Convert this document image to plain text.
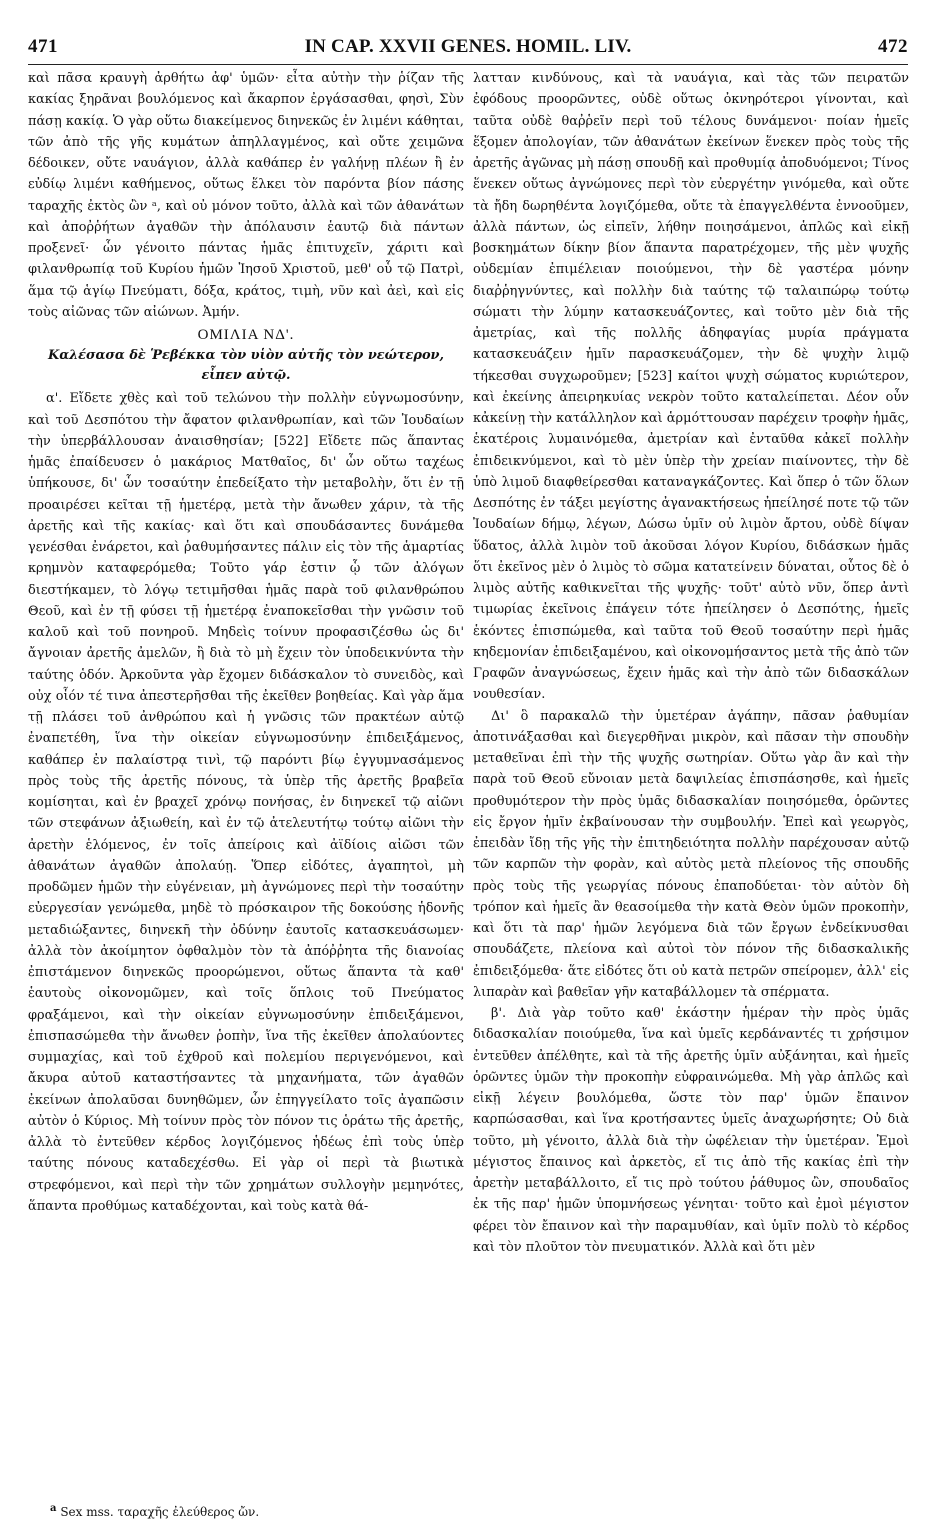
471	IN CAP. XXVII GENES. HOMIL. LIV.	472

καὶ πᾶσα κραυγὴ ἀρθήτω ἀφ' ὑμῶν· εἶτα αὐτὴν τὴν ῥίζαν τῆς κακίας ξηρᾶναι βουλόμενος καὶ ἄκαρπον ἐργάσασθαι, φησὶ, Σὺν πάσῃ κακίᾳ. Ὁ γὰρ οὕτω διακείμενος διηνεκῶς ἐν λιμένι κάθηται, τῶν ἀπὸ τῆς γῆς κυμάτων ἀπηλλαγμένος, καὶ οὔτε χειμῶνα δέδοικεν, οὔτε ναυάγιον, ἀλλὰ καθάπερ ἐν γαλήνῃ πλέων ἢ ἐν εὐδίῳ λιμένι καθήμενος, οὕτως ἕλκει τὸν παρόντα βίον πάσης ταραχῆς ἐκτὸς ὢν ᵃ, καὶ οὐ μόνον τοῦτο, ἀλλὰ καὶ τῶν ἀθανάτων καὶ ἀποῤῥήτων ἀγαθῶν τὴν ἀπόλαυσιν ἑαυτῷ διὰ πάντων προξενεῖ· ὧν γένοιτο πάντας ἡμᾶς ἐπιτυχεῖν, χάριτι καὶ φιλανθρωπίᾳ τοῦ Κυρίου ἡμῶν Ἰησοῦ Χριστοῦ, μεθ' οὗ τῷ Πατρὶ, ἅμα τῷ ἁγίῳ Πνεύματι, δόξα, κράτος, τιμὴ, νῦν καὶ ἀεὶ, καὶ εἰς τοὺς αἰῶνας τῶν αἰώνων. Ἀμήν.

ΟΜΙΛΙΑ ΝΔ'.
Καλέσασα δὲ Ῥεβέκκα τὸν υἱὸν αὐτῆς τὸν νεώτερον, εἶπεν αὐτῷ.

α'. Εἴδετε χθὲς καὶ τοῦ τελώνου τὴν πολλὴν εὐγνωμοσύνην, καὶ τοῦ Δεσπότου τὴν ἄφατον φιλανθρωπίαν, καὶ τῶν Ἰουδαίων τὴν ὑπερβάλλουσαν ἀναισθησίαν; [522] Εἴδετε πῶς ἅπαντας ἡμᾶς ἐπαίδευσεν ὁ μακάριος Ματθαῖος, δι' ὧν οὕτω ταχέως ὑπήκουσε, δι' ὧν τοσαύτην ἐπεδείξατο τὴν μεταβολὴν, ὅτι ἐν τῇ προαιρέσει κεῖται τῇ ἡμετέρᾳ, μετὰ τὴν ἄνωθεν χάριν, τὰ τῆς ἀρετῆς καὶ τῆς κακίας· καὶ ὅτι καὶ σπουδάσαντες δυνάμεθα γενέσθαι ἐνάρετοι, καὶ ῥαθυμήσαντες πάλιν εἰς τὸν τῆς ἁμαρτίας κρημνὸν καταφερόμεθα; Τοῦτο γάρ ἐστιν ᾧ τῶν ἀλόγων διεστήκαμεν, τὸ λόγῳ τετιμῆσθαι ἡμᾶς παρὰ τοῦ φιλανθρώπου Θεοῦ, καὶ ἐν τῇ φύσει τῇ ἡμετέρᾳ ἐναποκεῖσθαι τὴν γνῶσιν τοῦ καλοῦ καὶ τοῦ πονηροῦ. Μηδεὶς τοίνυν προφασιζέσθω ὡς δι' ἄγνοιαν ἀρετῆς ἀμελῶν, ἢ διὰ τὸ μὴ ἔχειν τὸν ὑποδεικνύντα τὴν ταύτης ὁδόν. Ἀρκοῦντα γὰρ ἔχομεν διδάσκαλον τὸ συνειδὸς, καὶ οὐχ οἷόν τέ τινα ἀπεστερῆσθαι τῆς ἐκεῖθεν βοηθείας. Καὶ γὰρ ἅμα τῇ πλάσει τοῦ ἀνθρώπου καὶ ἡ γνῶσις τῶν πρακτέων αὐτῷ ἐναπετέθη, ἵνα τὴν οἰκείαν εὐγνωμοσύνην ἐπιδειξάμενος, καθάπερ ἐν παλαίστρᾳ τινὶ, τῷ παρόντι βίῳ ἐγγυμνασάμενος πρὸς τοὺς τῆς ἀρετῆς πόνους, τὰ ὑπὲρ τῆς ἀρετῆς βραβεῖα κομίσηται, καὶ ἐν βραχεῖ χρόνῳ πονήσας, ἐν διηνεκεῖ τῷ αἰῶνι τῶν στεφάνων ἀξιωθείη, καὶ ἐν τῷ ἀτελευτήτῳ τούτῳ αἰῶνι τὴν ἀρετὴν ἑλόμενος, ἐν τοῖς ἀπείροις καὶ ἀϊδίοις αἰῶσι τῶν ἀθανάτων ἀγαθῶν ἀπολαύῃ. Ὅπερ εἰδότες, ἀγαπητοὶ, μὴ προδῶμεν ἡμῶν τὴν εὐγένειαν, μὴ ἀγνώμονες περὶ τὴν τοσαύτην εὐεργεσίαν γενώμεθα, μηδὲ τὸ πρόσκαιρον τῆς δοκούσης ἡδονῆς μεταδιώξαντες, διηνεκῆ τὴν ὀδύνην ἑαυτοῖς κατασκευάσωμεν· ἀλλὰ τὸν ἀκοίμητον ὀφθαλμὸν τὸν τὰ ἀπόῤῥητα τῆς διανοίας ἐπιστάμενον διηνεκῶς προορώμενοι, οὕτως ἅπαντα τὰ καθ' ἑαυτοὺς οἰκονομῶμεν, καὶ τοῖς ὅπλοις τοῦ Πνεύματος φραξάμενοι, καὶ τὴν οἰκείαν εὐγνωμοσύνην ἐπιδειξάμενοι, ἐπισπασώμεθα τὴν ἄνωθεν ῥοπὴν, ἵνα τῆς ἐκεῖθεν ἀπολαύοντες συμμαχίας, καὶ τοῦ ἐχθροῦ καὶ πολεμίου περιγενόμενοι, καὶ ἄκυρα αὐτοῦ καταστήσαντες τὰ μηχανήματα, τῶν ἀγαθῶν ἐκείνων ἀπολαῦσαι δυνηθῶμεν, ὧν ἐπηγγείλατο τοῖς ἀγαπῶσιν αὐτὸν ὁ Κύριος. Μὴ τοίνυν πρὸς τὸν πόνον τις ὁράτω τῆς ἀρετῆς, ἀλλὰ τὸ ἐντεῦθεν κέρδος λογιζόμενος ἡδέως ἐπὶ τοὺς ὑπὲρ ταύτης πόνους καταδεχέσθω. Εἰ γὰρ οἱ περὶ τὰ βιωτικὰ στρεφόμενοι, καὶ περὶ τὴν τῶν χρημάτων συλλογὴν μεμηνότες, ἅπαντα προθύμως καταδέχονται, καὶ τοὺς κατὰ θά-

λατταν κινδύνους, καὶ τὰ ναυάγια, καὶ τὰς τῶν πειρατῶν ἐφόδους προορῶντες, οὐδὲ οὕτως ὀκνηρότεροι γίνονται, καὶ ταῦτα οὐδὲ θαῤῥεῖν περὶ τοῦ τέλους δυνάμενοι· ποίαν ἡμεῖς ἕξομεν ἀπολογίαν, τῶν ἀθανάτων ἐκείνων ἕνεκεν πρὸς τοὺς τῆς ἀρετῆς ἀγῶνας μὴ πάσῃ σπουδῇ καὶ προθυμίᾳ ἀποδυόμενοι; Τίνος ἕνεκεν οὕτως ἀγνώμονες περὶ τὸν εὐεργέτην γινόμεθα, καὶ οὔτε τὰ ἤδη δωρηθέντα λογιζόμεθα, οὔτε τὰ ἐπαγγελθέντα ἐννοοῦμεν, ἀλλὰ πάντων, ὡς εἰπεῖν, λήθην ποιησάμενοι, ἁπλῶς καὶ εἰκῇ βοσκημάτων δίκην βίον ἅπαντα παρατρέχομεν, τῆς μὲν ψυχῆς οὐδεμίαν ἐπιμέλειαν ποιούμενοι, τὴν δὲ γαστέρα μόνην διαῤῥηγνύντες, καὶ πολλὴν διὰ ταύτης τῷ ταλαιπώρῳ τούτῳ σώματι τὴν λύμην κατασκευάζοντες, καὶ τοῦτο μὲν διὰ τῆς ἀμετρίας, καὶ τῆς πολλῆς ἀδηφαγίας μυρία πράγματα κατασκευάζειν ἡμῖν παρασκευάζομεν, τὴν δὲ ψυχὴν λιμῷ τήκεσθαι συγχωροῦμεν; [523] καίτοι ψυχὴ σώματος κυριώτερον, καὶ ἐκείνης ἀπειρηκυίας νεκρὸν τοῦτο καταλείπεται. Δέον οὖν κἀκείνῃ τὴν κατάλληλον καὶ ἁρμόττουσαν παρέχειν τροφὴν ἡμᾶς, ἑκατέροις λυμαινόμεθα, ἀμετρίαν καὶ ἐνταῦθα κἀκεῖ πολλὴν ἐπιδεικνύμενοι, καὶ τὸ μὲν ὑπὲρ τὴν χρείαν πιαίνοντες, τὴν δὲ ὑπὸ λιμοῦ διαφθείρεσθαι καταναγκάζοντες. Καὶ ὅπερ ὁ τῶν ὅλων Δεσπότης ἐν τάξει μεγίστης ἀγανακτήσεως ἠπείλησέ ποτε τῷ τῶν Ἰουδαίων δήμῳ, λέγων, Δώσω ὑμῖν οὐ λιμὸν ἄρτου, οὐδὲ δίψαν ὕδατος, ἀλλὰ λιμὸν τοῦ ἀκοῦσαι λόγον Κυρίου, διδάσκων ἡμᾶς ὅτι ἐκεῖνος μὲν ὁ λιμὸς τὸ σῶμα κατατείνειν δύναται, οὗτος δὲ ὁ λιμὸς αὐτῆς καθικνεῖται τῆς ψυχῆς· τοῦτ' αὐτὸ νῦν, ὅπερ ἀντὶ τιμωρίας ἐκεῖνοις ἐπάγειν τότε ἠπείλησεν ὁ Δεσπότης, ἡμεῖς ἑκόντες ἐπισπώμεθα, καὶ ταῦτα τοῦ Θεοῦ τοσαύτην περὶ ἡμᾶς κηδεμονίαν ἐπιδειξαμένου, καὶ οἰκονομήσαντος μετὰ τῆς ἀπὸ τῶν Γραφῶν ἀναγνώσεως, ἔχειν ἡμᾶς καὶ τὴν ἀπὸ τῶν διδασκάλων νουθεσίαν.

Δι' ὃ παρακαλῶ τὴν ὑμετέραν ἀγάπην, πᾶσαν ῥαθυμίαν ἀποτινάξασθαι καὶ διεγερθῆναι μικρὸν, καὶ πᾶσαν τὴν σπουδὴν μεταθεῖναι ἐπὶ τὴν τῆς ψυχῆς σωτηρίαν. Οὕτω γὰρ ἂν καὶ τὴν παρὰ τοῦ Θεοῦ εὔνοιαν μετὰ δαψιλείας ἐπισπάσησθε, καὶ ἡμεῖς προθυμότερον τὴν πρὸς ὑμᾶς διδασκαλίαν ποιησόμεθα, ὁρῶντες εἰς ἔργον ἡμῖν ἐκβαίνουσαν τὴν συμβουλήν. Ἐπεὶ καὶ γεωργὸς, ἐπειδὰν ἴδῃ τῆς γῆς τὴν ἐπιτηδειότητα πολλὴν παρέχουσαν αὐτῷ τῶν καρπῶν τὴν φορὰν, καὶ αὐτὸς μετὰ πλείονος τῆς σπουδῆς πρὸς τοὺς τῆς γεωργίας πόνους ἐπαποδύεται· τὸν αὐτὸν δὴ τρόπον καὶ ἡμεῖς ἂν θεασοίμεθα τὴν κατὰ Θεὸν ὑμῶν προκοπὴν, καὶ ὅτι τὰ παρ' ἡμῶν λεγόμενα διὰ τῶν ἔργων ἐνδείκνυσθαι σπουδάζετε, πλείονα καὶ αὐτοὶ τὸν πόνον τῆς διδασκαλικῆς ἐπιδειξόμεθα· ἅτε εἰδότες ὅτι οὐ κατὰ πετρῶν σπείρομεν, ἀλλ' εἰς λιπαρὰν καὶ βαθεῖαν γῆν καταβάλλομεν τὰ σπέρματα.

β'. Διὰ γὰρ τοῦτο καθ' ἑκάστην ἡμέραν τὴν πρὸς ὑμᾶς διδασκαλίαν ποιούμεθα, ἵνα καὶ ὑμεῖς κερδάναντές τι χρήσιμον ἐντεῦθεν ἀπέλθητε, καὶ τὰ τῆς ἀρετῆς ὑμῖν αὐξάνηται, καὶ ἡμεῖς ὁρῶντες ὑμῶν τὴν προκοπὴν εὐφραινώμεθα. Μὴ γὰρ ἁπλῶς καὶ εἰκῇ λέγειν βουλόμεθα, ὥστε τὸν παρ' ὑμῶν ἔπαινον καρπώσασθαι, καὶ ἵνα κροτήσαντες ὑμεῖς ἀναχωρήσητε; Οὐ διὰ τοῦτο, μὴ γένοιτο, ἀλλὰ διὰ τὴν ὠφέλειαν τὴν ὑμετέραν. Ἐμοὶ μέγιστος ἔπαινος καὶ ἀρκετὸς, εἴ τις ἀπὸ τῆς κακίας ἐπὶ τὴν ἀρετὴν μεταβάλλοιτο, εἴ τις πρὸ τούτου ῥάθυμος ὢν, σπουδαῖος ἐκ τῆς παρ' ἡμῶν ὑπομνήσεως γένηται· τοῦτο καὶ ἐμοὶ μέγιστον φέρει τὸν ἔπαινον καὶ τὴν παραμυθίαν, καὶ ὑμῖν πολὺ τὸ κέρδος καὶ τὸν πλοῦτον τὸν πνευματικόν. Ἀλλὰ καὶ ὅτι μὲν

$^a$ Sex mss. ταραχῆς ἐλεύθερος ὤν.
